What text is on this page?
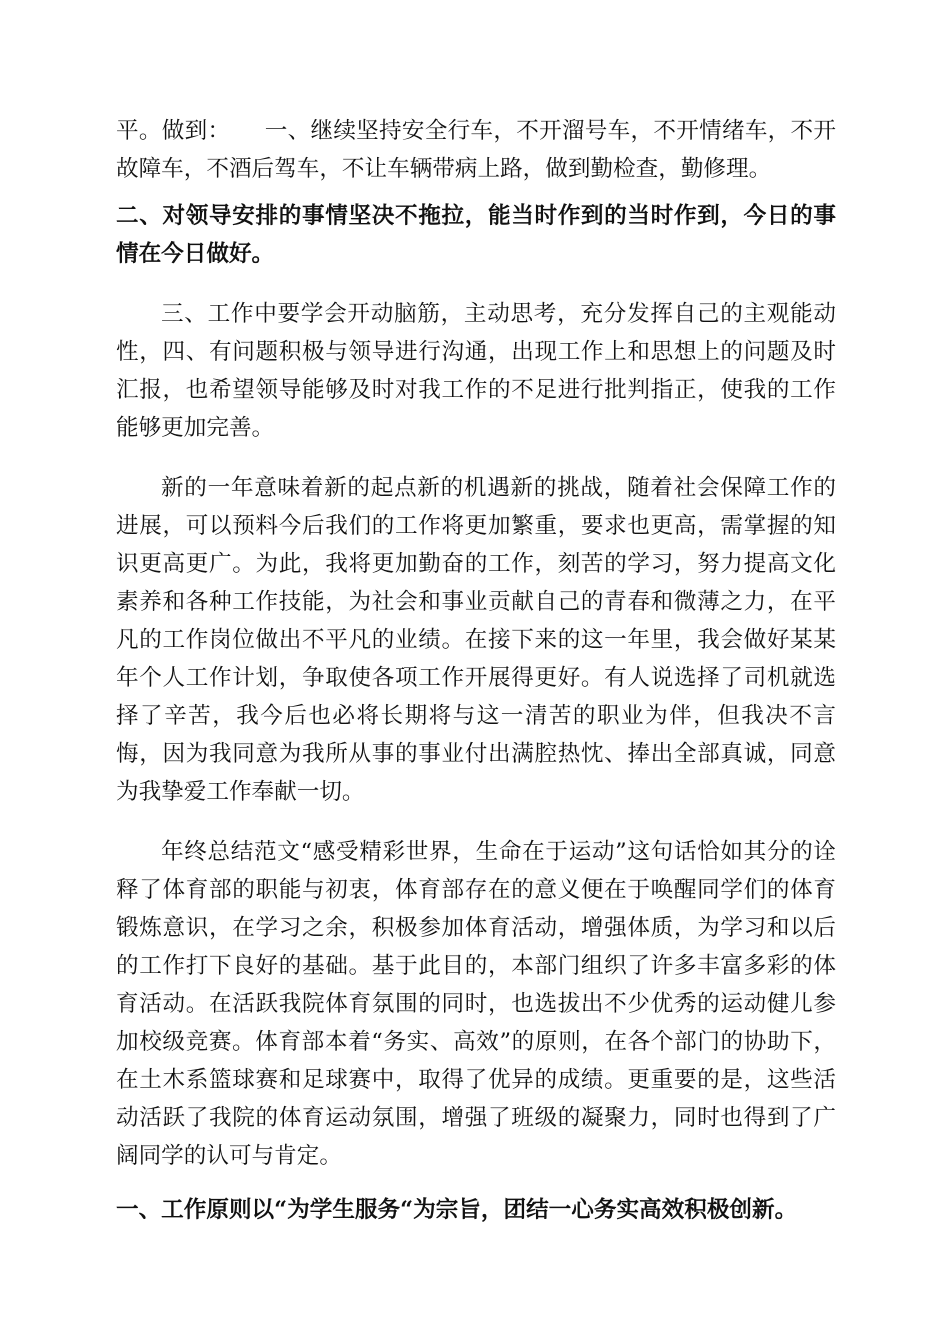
平。做到：　　一、继续坚持安全行车，不开溜号车，不开情绪车，不开故障车，不酒后驾车，不让车辆带病上路，做到勤检查，勤修理。

二、对领导安排的事情坚决不拖拉，能当时作到的当时作到，今日的事情在今日做好。

三、工作中要学会开动脑筋，主动思考，充分发挥自己的主观能动性，四、有问题积极与领导进行沟通，出现工作上和思想上的问题及时汇报，也希望领导能够及时对我工作的不足进行批判指正，使我的工作能够更加完善。

新的一年意味着新的起点新的机遇新的挑战，随着社会保障工作的进展，可以预料今后我们的工作将更加繁重，要求也更高，需掌握的知识更高更广。为此，我将更加勤奋的工作，刻苦的学习，努力提高文化素养和各种工作技能，为社会和事业贡献自己的青春和微薄之力，在平凡的工作岗位做出不平凡的业绩。在接下来的这一年里，我会做好某某年个人工作计划，争取使各项工作开展得更好。有人说选择了司机就选择了辛苦，我今后也必将长期将与这一清苦的职业为伴，但我决不言悔，因为我同意为我所从事的事业付出满腔热忱、捧出全部真诚，同意为我挚爱工作奉献一切。

年终总结范文“感受精彩世界，生命在于运动”这句话恰如其分的诠释了体育部的职能与初衷，体育部存在的意义便在于唤醒同学们的体育锻炼意识，在学习之余，积极参加体育活动，增强体质，为学习和以后的工作打下良好的基础。基于此目的，本部门组织了许多丰富多彩的体育活动。在活跃我院体育氛围的同时，也选拔出不少优秀的运动健儿参加校级竞赛。体育部本着“务实、高效”的原则，在各个部门的协助下，在土木系篮球赛和足球赛中，取得了优异的成绩。更重要的是，这些活动活跃了我院的体育运动氛围，增强了班级的凝聚力，同时也得到了广阔同学的认可与肯定。

一、工作原则以“为学生服务“为宗旨，团结一心务实高效积极创新。
